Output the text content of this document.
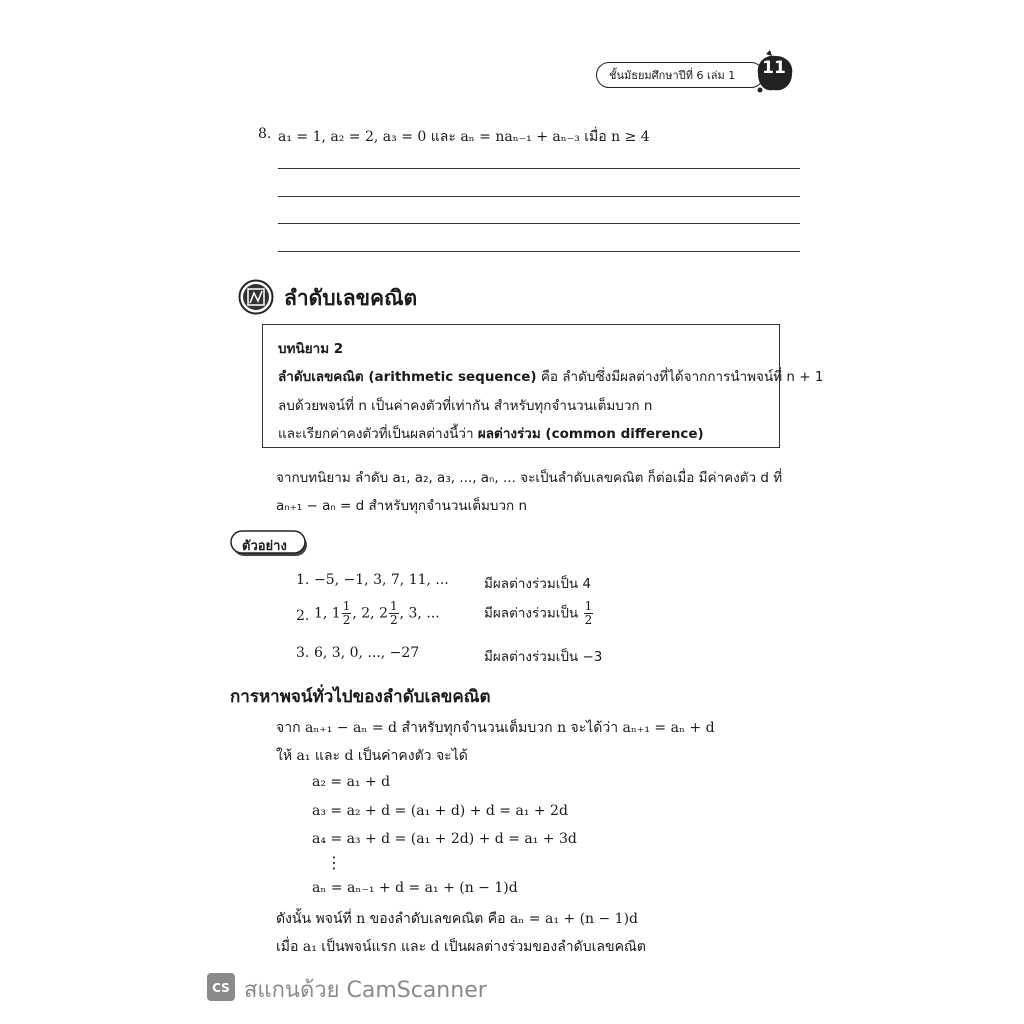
ชั้นมัธยมศึกษาปีที่ 6 เล่ม 1	11
8. a₁ = 1, a₂ = 2, a₃ = 0 และ aₙ = naₙ₋₁ + aₙ₋₃ เมื่อ n ≥ 4
ลำดับเลขคณิต
บทนิยาม 2
ลำดับเลขคณิต (arithmetic sequence) คือ ลำดับซึ่งมีผลต่างที่ได้จากการนำพจน์ที่ n + 1
ลบด้วยพจน์ที่ n เป็นค่าคงตัวที่เท่ากัน สำหรับทุกจำนวนเต็มบวก n
และเรียกค่าคงตัวที่เป็นผลต่างนี้ว่า ผลต่างร่วม (common difference)
จากบทนิยาม ลำดับ a₁, a₂, a₃, ..., aₙ, ... จะเป็นลำดับเลขคณิต ก็ต่อเมื่อ มีค่าคงตัว d ที่
aₙ₊₁ − aₙ = d สำหรับทุกจำนวนเต็มบวก n
ตัวอย่าง
1. −5, −1, 3, 7, 11, ...	มีผลต่างร่วมเป็น 4
2. 1, $1 \frac{1}{2}$ , 2, $2 \frac{1}{2}$ , 3, ...	มีผลต่างร่วมเป็น $\frac{1}{2}$
3. 6, 3, 0, ..., −27	มีผลต่างร่วมเป็น −3
การหาพจน์ทั่วไปของลำดับเลขคณิต
จาก aₙ₊₁ − aₙ = d สำหรับทุกจำนวนเต็มบวก n จะได้ว่า aₙ₊₁ = aₙ + d
ให้ a₁ และ d เป็นค่าคงตัว จะได้
a₂ = a₁ + d
a₃ = a₂ + d = (a₁ + d) + d = a₁ + 2d
a₄ = a₃ + d = (a₁ + 2d) + d = a₁ + 3d
⋮
aₙ = aₙ₋₁ + d = a₁ + (n − 1)d
ดังนั้น พจน์ที่ n ของลำดับเลขคณิต คือ aₙ = a₁ + (n − 1)d
เมื่อ a₁ เป็นพจน์แรก และ d เป็นผลต่างร่วมของลำดับเลขคณิต
CS สแกนด้วย CamScanner
